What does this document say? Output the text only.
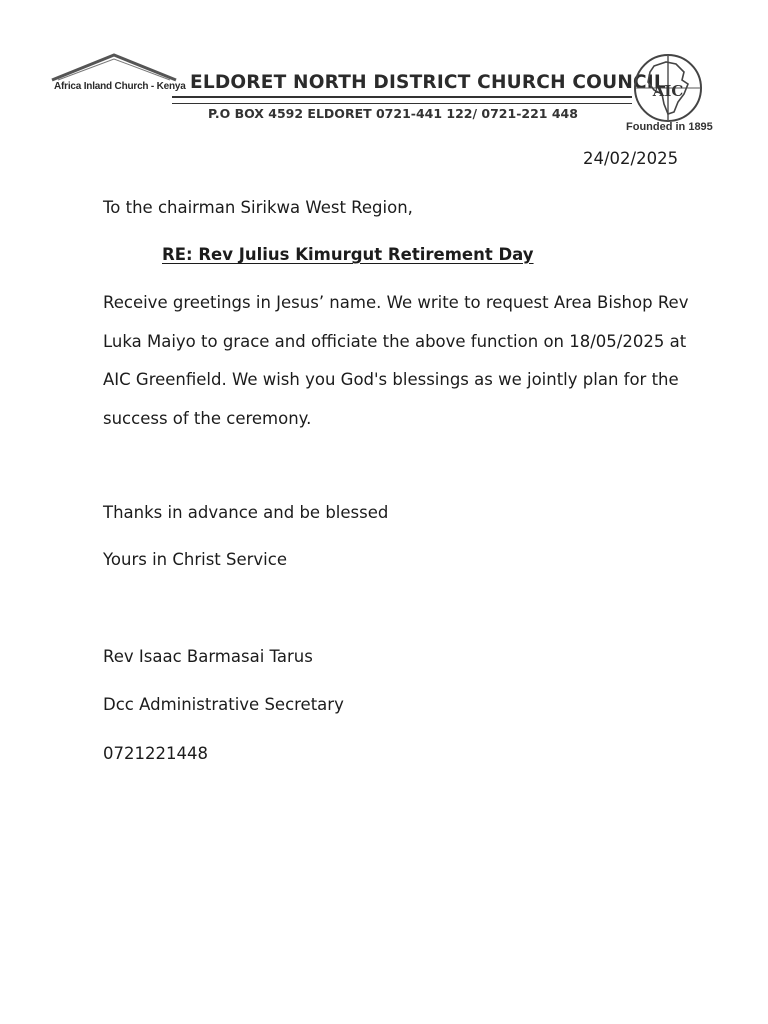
Africa Inland Church - Kenya ELDORET NORTH DISTRICT CHURCH COUNCIL
P.O BOX 4592 ELDORET 0721-441 122/ 0721-221 448
AIC
Founded in 1895
24/02/2025
To the chairman Sirikwa West Region,
RE: Rev Julius Kimurgut Retirement Day
Receive greetings in Jesus’ name. We write to request Area Bishop Rev
Luka Maiyo to grace and officiate the above function on 18/05/2025 at
AIC Greenfield. We wish you God's blessings as we jointly plan for the
success of the ceremony.
Thanks in advance and be blessed
Yours in Christ Service
Rev Isaac Barmasai Tarus
Dcc Administrative Secretary
0721221448
